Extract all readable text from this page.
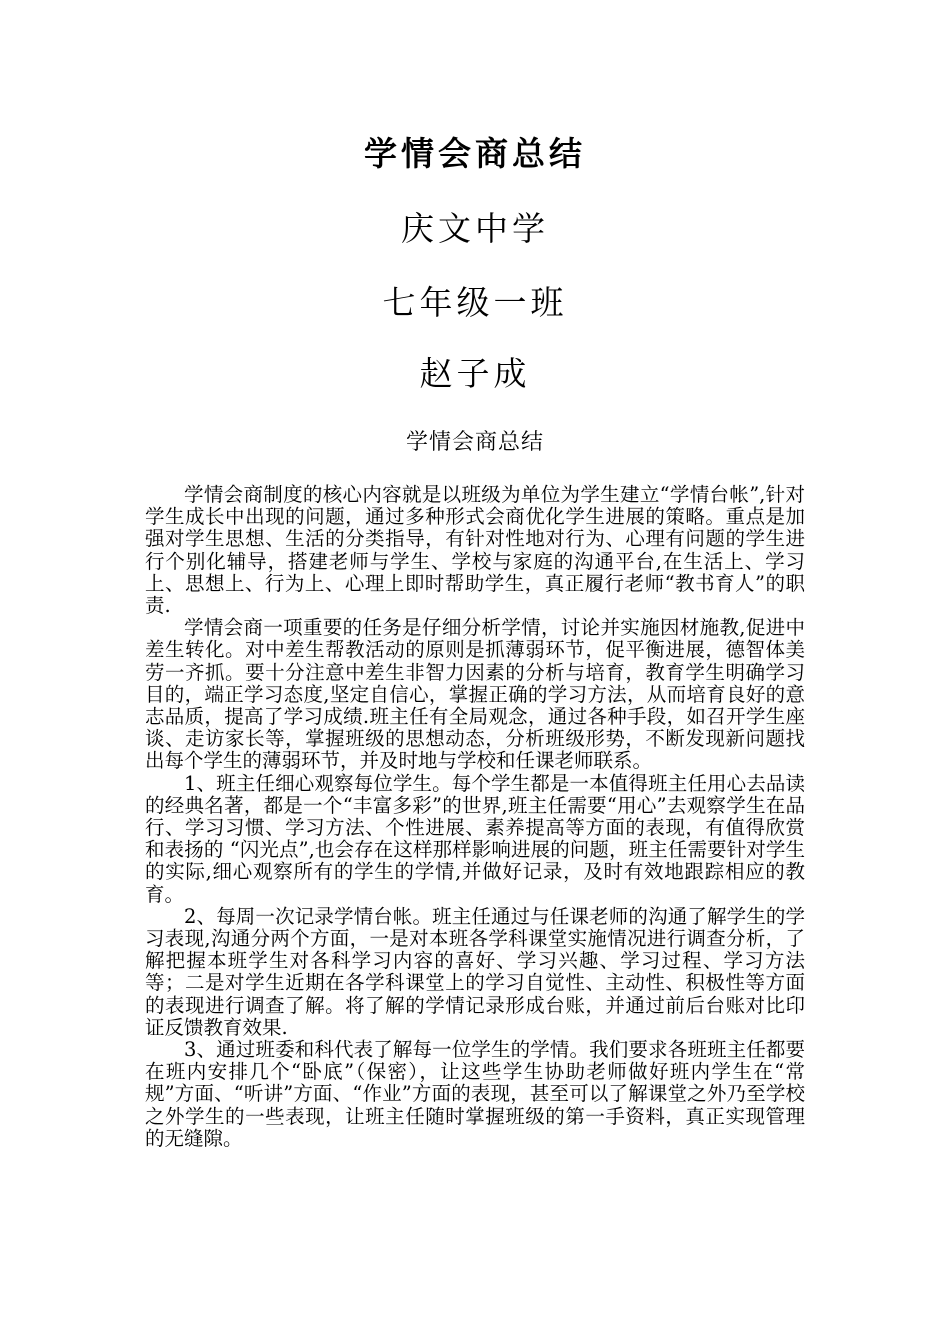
学情会商总结
庆文中学
七年级一班
赵子成
学情会商总结

学情会商制度的核心内容就是以班级为单位为学生建立“学情台帐”,针对学生成长中出现的问题，通过多种形式会商优化学生进展的策略。重点是加强对学生思想、生活的分类指导，有针对性地对行为、心理有问题的学生进行个别化辅导，搭建老师与学生、学校与家庭的沟通平台,在生活上、学习上、思想上、行为上、心理上即时帮助学生，真正履行老师“教书育人”的职责.

学情会商一项重要的任务是仔细分析学情，讨论并实施因材施教,促进中差生转化。对中差生帮教活动的原则是抓薄弱环节，促平衡进展，德智体美劳一齐抓。要十分注意中差生非智力因素的分析与培育，教育学生明确学习目的，端正学习态度,坚定自信心，掌握正确的学习方法，从而培育良好的意志品质，提高了学习成绩.班主任有全局观念，通过各种手段，如召开学生座谈、走访家长等，掌握班级的思想动态，分析班级形势，不断发现新问题找出每个学生的薄弱环节，并及时地与学校和任课老师联系。

1、班主任细心观察每位学生。每个学生都是一本值得班主任用心去品读的经典名著，都是一个“丰富多彩”的世界,班主任需要“用心”去观察学生在品行、学习习惯、学习方法、个性进展、素养提高等方面的表现，有值得欣赏和表扬的 “闪光点”,也会存在这样那样影响进展的问题，班主任需要针对学生的实际,细心观察所有的学生的学情,并做好记录，及时有效地跟踪相应的教育。

2、每周一次记录学情台帐。班主任通过与任课老师的沟通了解学生的学习表现,沟通分两个方面，一是对本班各学科课堂实施情况进行调查分析，了解把握本班学生对各科学习内容的喜好、学习兴趣、学习过程、学习方法等；二是对学生近期在各学科课堂上的学习自觉性、主动性、积极性等方面的表现进行调查了解。将了解的学情记录形成台账，并通过前后台账对比印证反馈教育效果.

3、通过班委和科代表了解每一位学生的学情。我们要求各班班主任都要在班内安排几个“卧底”（保密），让这些学生协助老师做好班内学生在“常规”方面、“听讲”方面、“作业”方面的表现，甚至可以了解课堂之外乃至学校之外学生的一些表现，让班主任随时掌握班级的第一手资料，真正实现管理的无缝隙。
